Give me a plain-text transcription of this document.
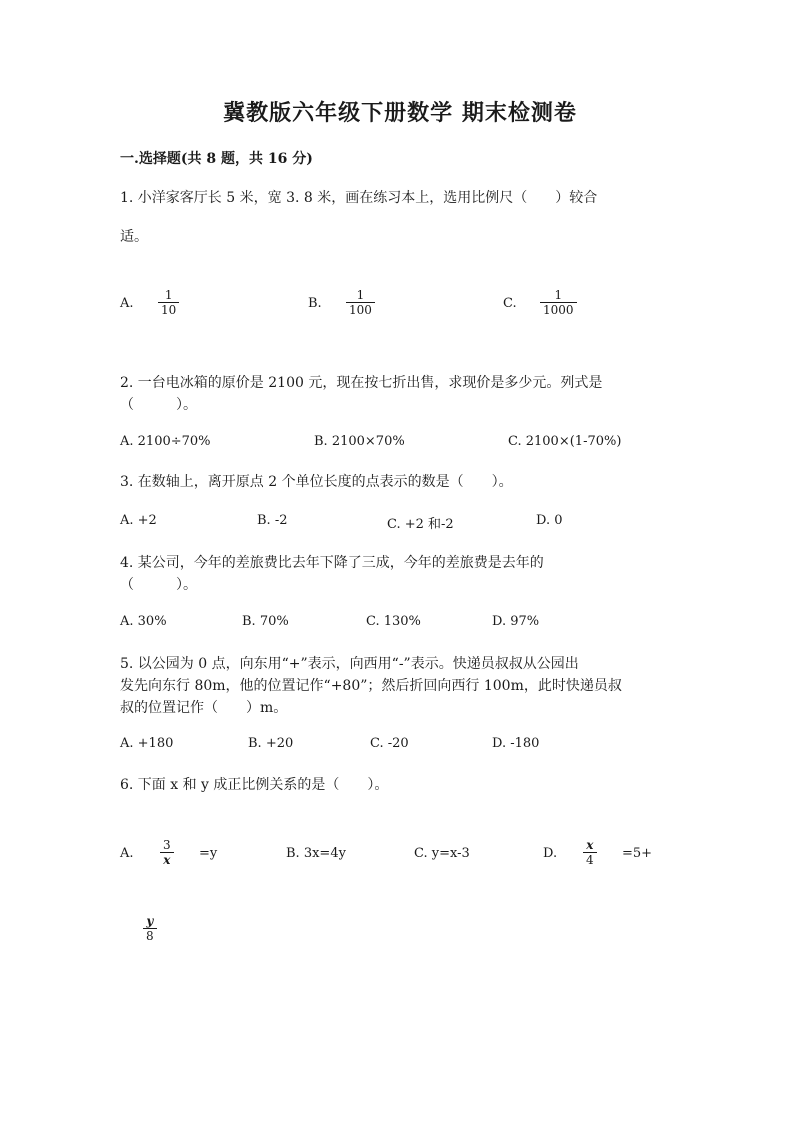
冀教版六年级下册数学 期末检测卷
一.选择题(共 8 题，共 16 分)
1. 小洋家客厅长 5 米，宽 3. 8 米，画在练习本上，选用比例尺（　　）较合
适。
A.
1
10	B.
1
100	C.
1
1000
2. 一台电冰箱的原价是 2100 元，现在按七折出售，求现价是多少元。列式是
（　　　）。
A. 2100÷70%	B. 2100×70%	C. 2100×(1-70%)
3. 在数轴上，离开原点 2 个单位长度的点表示的数是（　　）。
A. +2	B. -2	C. +2 和-2	D. 0
4. 某公司，今年的差旅费比去年下降了三成，今年的差旅费是去年的
（　　　）。
A. 30%	B. 70%	C. 130%	D. 97%
5. 以公园为 0 点，向东用“+”表示，向西用“-”表示。快递员叔叔从公园出
发先向东行 80m，他的位置记作“+80”；然后折回向西行 100m，此时快递员叔
叔的位置记作（　　）m。
A. +180	B. +20	C. -20	D. -180
6. 下面 x 和 y 成正比例关系的是（　　）。
A.
3
x =y	B. 3x=4y	C. y=x-3	D.
x
4 =5+
y
8
